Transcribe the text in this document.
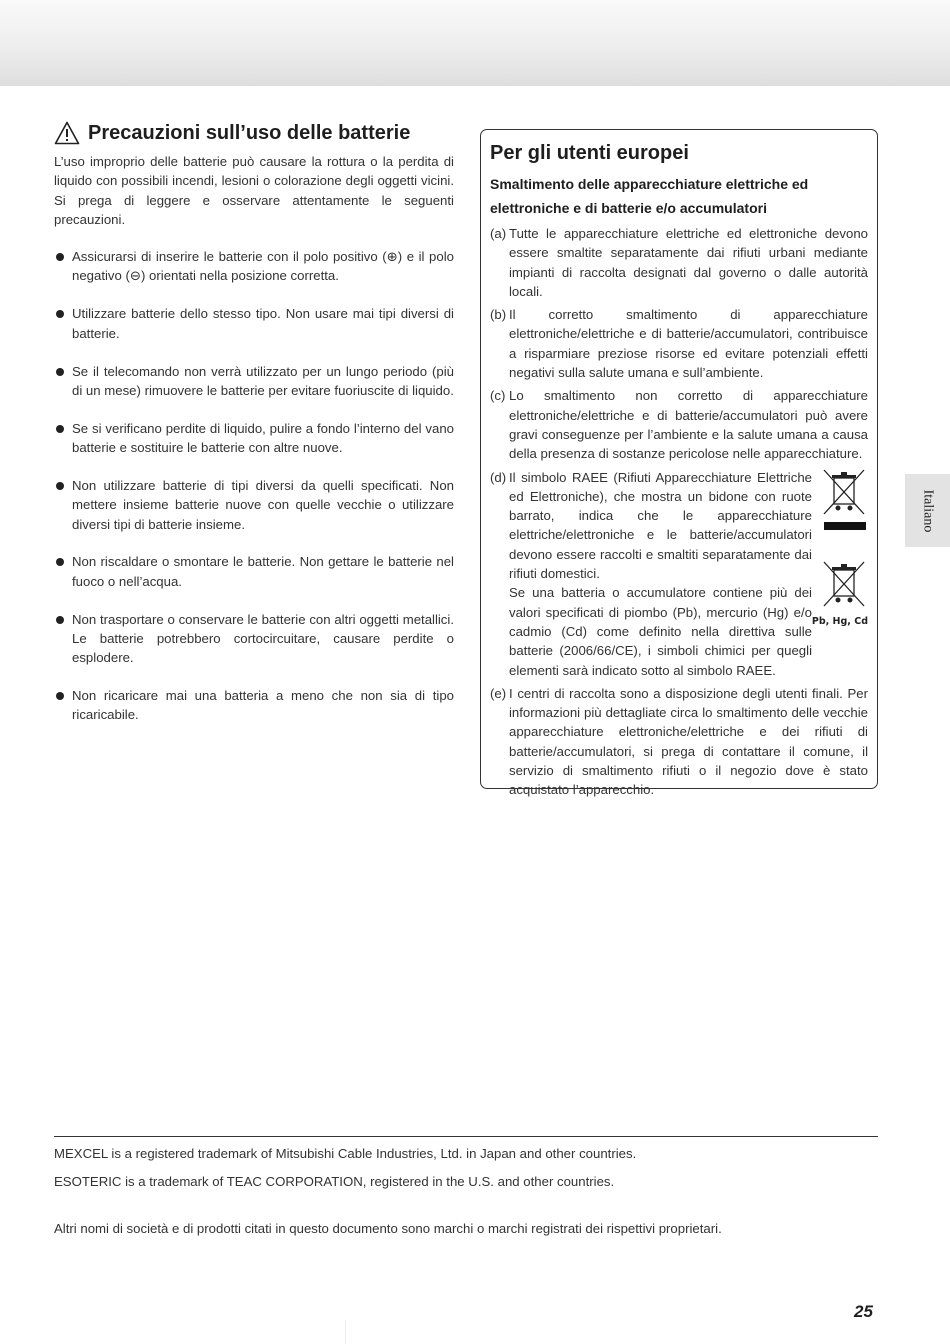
Precauzioni sull’uso delle batterie

L’uso improprio delle batterie può causare la rottura o la perdita di liquido con possibili incendi, lesioni o colorazione degli oggetti vicini. Si prega di leggere e osservare attentamente le seguenti precauzioni.

Assicurarsi di inserire le batterie con il polo positivo (⊕) e il polo negativo (⊖) orientati nella posizione corretta.
Utilizzare batterie dello stesso tipo. Non usare mai tipi diversi di batterie.
Se il telecomando non verrà utilizzato per un lungo periodo (più di un mese) rimuovere le batterie per evitare fuoriuscite di liquido.
Se si verificano perdite di liquido, pulire a fondo l’interno del vano batterie e sostituire le batterie con altre nuove.
Non utilizzare batterie di tipi diversi da quelli specificati. Non mettere insieme batterie nuove con quelle vecchie o utilizzare diversi tipi di batterie insieme.
Non riscaldare o smontare le batterie. Non gettare le batterie nel fuoco o nell’acqua.
Non trasportare o conservare le batterie con altri oggetti metallici. Le batterie potrebbero cortocircuitare, causare perdite o esplodere.
Non ricaricare mai una batteria a meno che non sia di tipo ricaricabile.
Per gli utenti europei
Smaltimento delle apparecchiature elettriche ed elettroniche e di batterie e/o accumulatori
(a) Tutte le apparecchiature elettriche ed elettroniche devono essere smaltite separatamente dai rifiuti urbani mediante impianti di raccolta designati dal governo o dalle autorità locali.
(b) Il corretto smaltimento di apparecchiature elettroniche/elettriche e di batterie/accumulatori, contribuisce a risparmiare preziose risorse ed evitare potenziali effetti negativi sulla salute umana e sull’ambiente.
(c) Lo smaltimento non corretto di apparecchiature elettroniche/elettriche e di batterie/accumulatori può avere gravi conseguenze per l’ambiente e la salute umana a causa della presenza di sostanze pericolose nelle apparecchiature.
(d) Il simbolo RAEE (Rifiuti Apparecchiature Elettriche ed Elettroniche), che mostra un bidone con ruote barrato, indica che le apparecchiature elettriche/elettroniche e le batterie/accumulatori devono essere raccolti e smaltiti separatamente dai rifiuti domestici.
Se una batteria o accumulatore contiene più dei valori specificati di piombo (Pb), mercurio (Hg) e/o cadmio (Cd) come definito nella direttiva sulle batterie (2006/66/CE), i simboli chimici per quegli elementi sarà indicato sotto al simbolo RAEE.
Pb, Hg, Cd
(e) I centri di raccolta sono a disposizione degli utenti finali. Per informazioni più dettagliate circa lo smaltimento delle vecchie apparecchiature elettroniche/elettriche e dei rifiuti di batterie/accumulatori, si prega di contattare il comune, il servizio di smaltimento rifiuti o il negozio dove è stato acquistato l’apparecchio.
Italiano

MEXCEL is a registered trademark of Mitsubishi Cable Industries, Ltd. in Japan and other countries.

ESOTERIC is a trademark of TEAC CORPORATION, registered in the U.S. and other countries.

Altri nomi di società e di prodotti citati in questo documento sono marchi o marchi registrati dei rispettivi proprietari.

25
